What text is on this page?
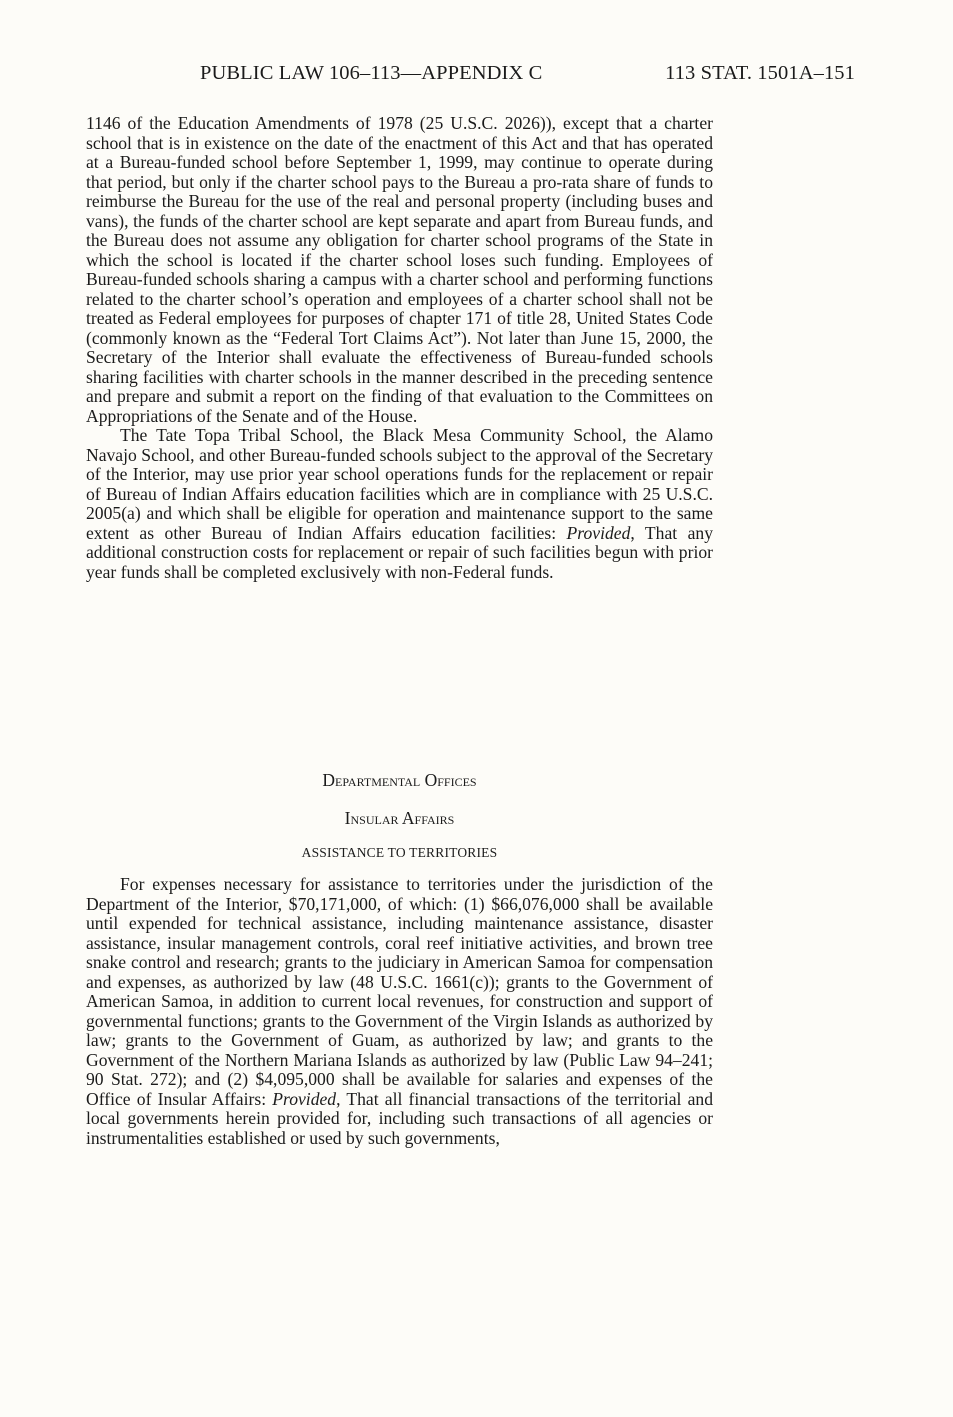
PUBLIC LAW 106–113—APPENDIX C	113 STAT. 1501A–151

1146 of the Education Amendments of 1978 (25 U.S.C. 2026)), except that a charter school that is in existence on the date of the enactment of this Act and that has operated at a Bureau-funded school before September 1, 1999, may continue to operate during that period, but only if the charter school pays to the Bureau a pro-rata share of funds to reimburse the Bureau for the use of the real and personal property (including buses and vans), the funds of the charter school are kept separate and apart from Bureau funds, and the Bureau does not assume any obligation for charter school programs of the State in which the school is located if the charter school loses such funding. Employees of Bureau-funded schools sharing a campus with a charter school and performing functions related to the charter school’s operation and employees of a charter school shall not be treated as Federal employees for purposes of chapter 171 of title 28, United States Code (commonly known as the “Federal Tort Claims Act”). Not later than June 15, 2000, the Secretary of the Interior shall evaluate the effectiveness of Bureau-funded schools sharing facilities with charter schools in the manner described in the preceding sentence and prepare and submit a report on the finding of that evaluation to the Committees on Appropriations of the Senate and of the House.

The Tate Topa Tribal School, the Black Mesa Community School, the Alamo Navajo School, and other Bureau-funded schools subject to the approval of the Secretary of the Interior, may use prior year school operations funds for the replacement or repair of Bureau of Indian Affairs education facilities which are in compliance with 25 U.S.C. 2005(a) and which shall be eligible for operation and maintenance support to the same extent as other Bureau of Indian Affairs education facilities: Provided, That any additional construction costs for replacement or repair of such facilities begun with prior year funds shall be completed exclusively with non-Federal funds.

Departmental Offices
Insular Affairs
ASSISTANCE TO TERRITORIES

For expenses necessary for assistance to territories under the jurisdiction of the Department of the Interior, $70,171,000, of which: (1) $66,076,000 shall be available until expended for technical assistance, including maintenance assistance, disaster assistance, insular management controls, coral reef initiative activities, and brown tree snake control and research; grants to the judiciary in American Samoa for compensation and expenses, as authorized by law (48 U.S.C. 1661(c)); grants to the Government of American Samoa, in addition to current local revenues, for construction and support of governmental functions; grants to the Government of the Virgin Islands as authorized by law; grants to the Government of Guam, as authorized by law; and grants to the Government of the Northern Mariana Islands as authorized by law (Public Law 94–241; 90 Stat. 272); and (2) $4,095,000 shall be available for salaries and expenses of the Office of Insular Affairs: Provided, That all financial transactions of the territorial and local governments herein provided for, including such transactions of all agencies or instrumentalities established or used by such governments,
